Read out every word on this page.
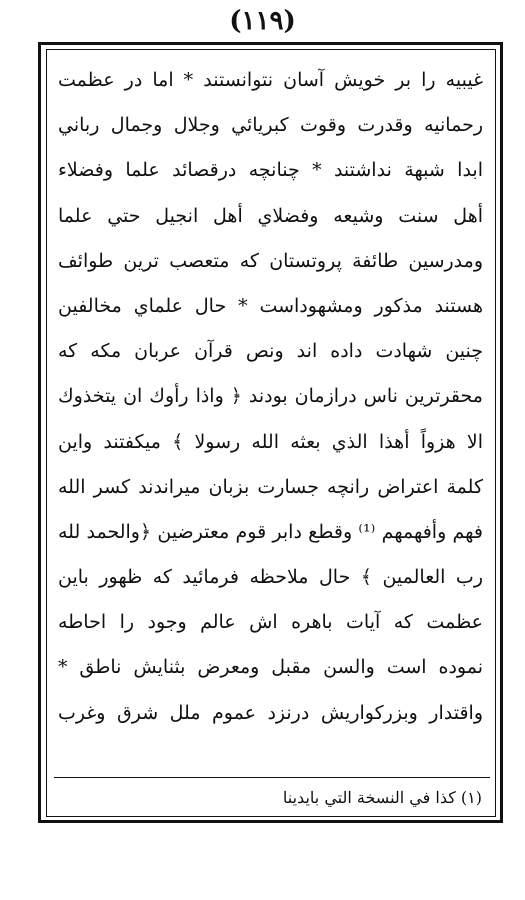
(١١٩)
غيبيه را بر خويش آسان نتوانستند * اما در عظمت
رحمانيه وقدرت وقوت كبريائي وجلال وجمال رباني
ابدا شبهة نداشتند * چنانچه درقصائد علما وفضلاء
أهل سنت وشيعه وفضلاي أهل انجيل حتي علما
ومدرسين طائفة پروتستان كه متعصب ترين طوائف
هستند مذكور ومشهوداست * حال علماي مخالفين
چنين شهادت داده اند ونص قرآن عربان مكه كه
محقرترين ناس درازمان بودند ﴿ واذا رأوك ان يتخذوك
الا هزواً أهذا الذي بعثه الله رسولا ﴾ ميكفتند واين
كلمة اعتراض رانچه جسارت بزبان ميراندند كسر الله
فهم وأفهمهم ⁽¹⁾ وقطع دابر قوم معترضين ﴿والحمد لله
رب العالمين ﴾ حال ملاحظه فرمائيد كه ظهور باين
عظمت كه آيات باهره اش عالم وجود را احاطه
نموده است والسن مقبل ومعرض بثنايش ناطق *
واقتدار وبزركواريش درنزد عموم ملل شرق وغرب
(١) كذا في النسخة التي بايدينا
